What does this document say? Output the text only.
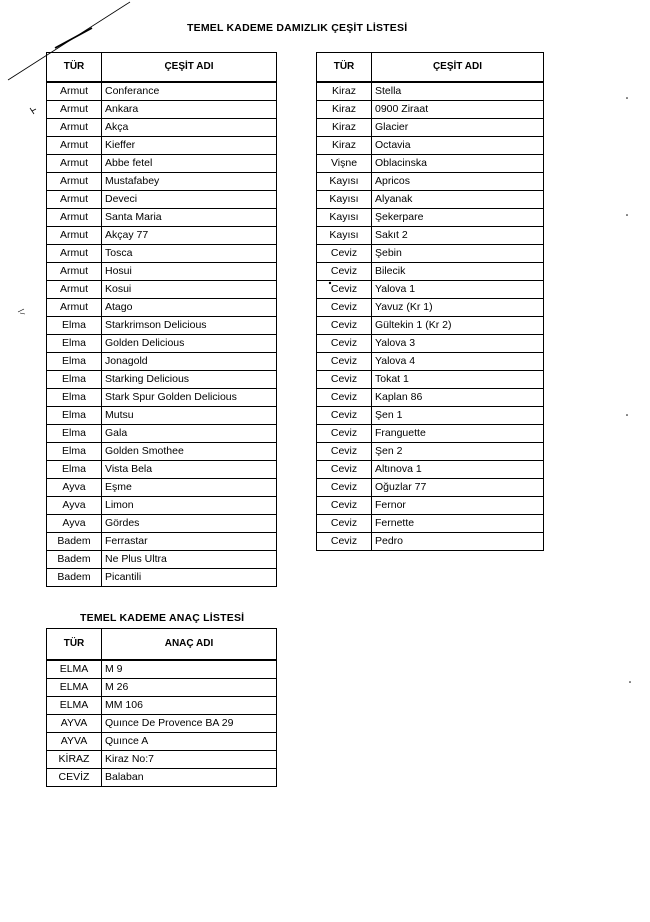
TEMEL KADEME DAMIZLIK ÇEŞİT LİSTESİ
TÜR	ÇEŞİT ADI
Armut	Conferance
Armut	Ankara
Armut	Akça
Armut	Kieffer
Armut	Abbe fetel
Armut	Mustafabey
Armut	Deveci
Armut	Santa Maria
Armut	Akçay 77
Armut	Tosca
Armut	Hosui
Armut	Kosui
Armut	Atago
Elma	Starkrimson Delicious
Elma	Golden Delicious
Elma	Jonagold
Elma	Starking Delicious
Elma	Stark Spur Golden Delicious
Elma	Mutsu
Elma	Gala
Elma	Golden Smothee
Elma	Vista Bela
Ayva	Eşme
Ayva	Limon
Ayva	Gördes
Badem	Ferrastar
Badem	Ne Plus Ultra
Badem	Picantili
TÜR	ÇEŞİT ADI
Kiraz	Stella
Kiraz	0900 Ziraat
Kiraz	Glacier
Kiraz	Octavia
Vişne	Oblacinska
Kayısı	Apricos
Kayısı	Alyanak
Kayısı	Şekerpare
Kayısı	Sakıt 2
Ceviz	Şebin
Ceviz	Bilecik
Ceviz	Yalova 1
Ceviz	Yavuz (Kr 1)
Ceviz	Gültekin 1 (Kr 2)
Ceviz	Yalova 3
Ceviz	Yalova 4
Ceviz	Tokat 1
Ceviz	Kaplan 86
Ceviz	Şen 1
Ceviz	Franguette
Ceviz	Şen 2
Ceviz	Altınova 1
Ceviz	Oğuzlar 77
Ceviz	Fernor
Ceviz	Fernette
Ceviz	Pedro
TEMEL KADEME ANAÇ LİSTESİ
TÜR	ANAÇ ADI
ELMA	M 9
ELMA	M 26
ELMA	MM 106
AYVA	Quınce De Provence BA 29
AYVA	Quınce A
KİRAZ	Kiraz No:7
CEVİZ	Balaban
